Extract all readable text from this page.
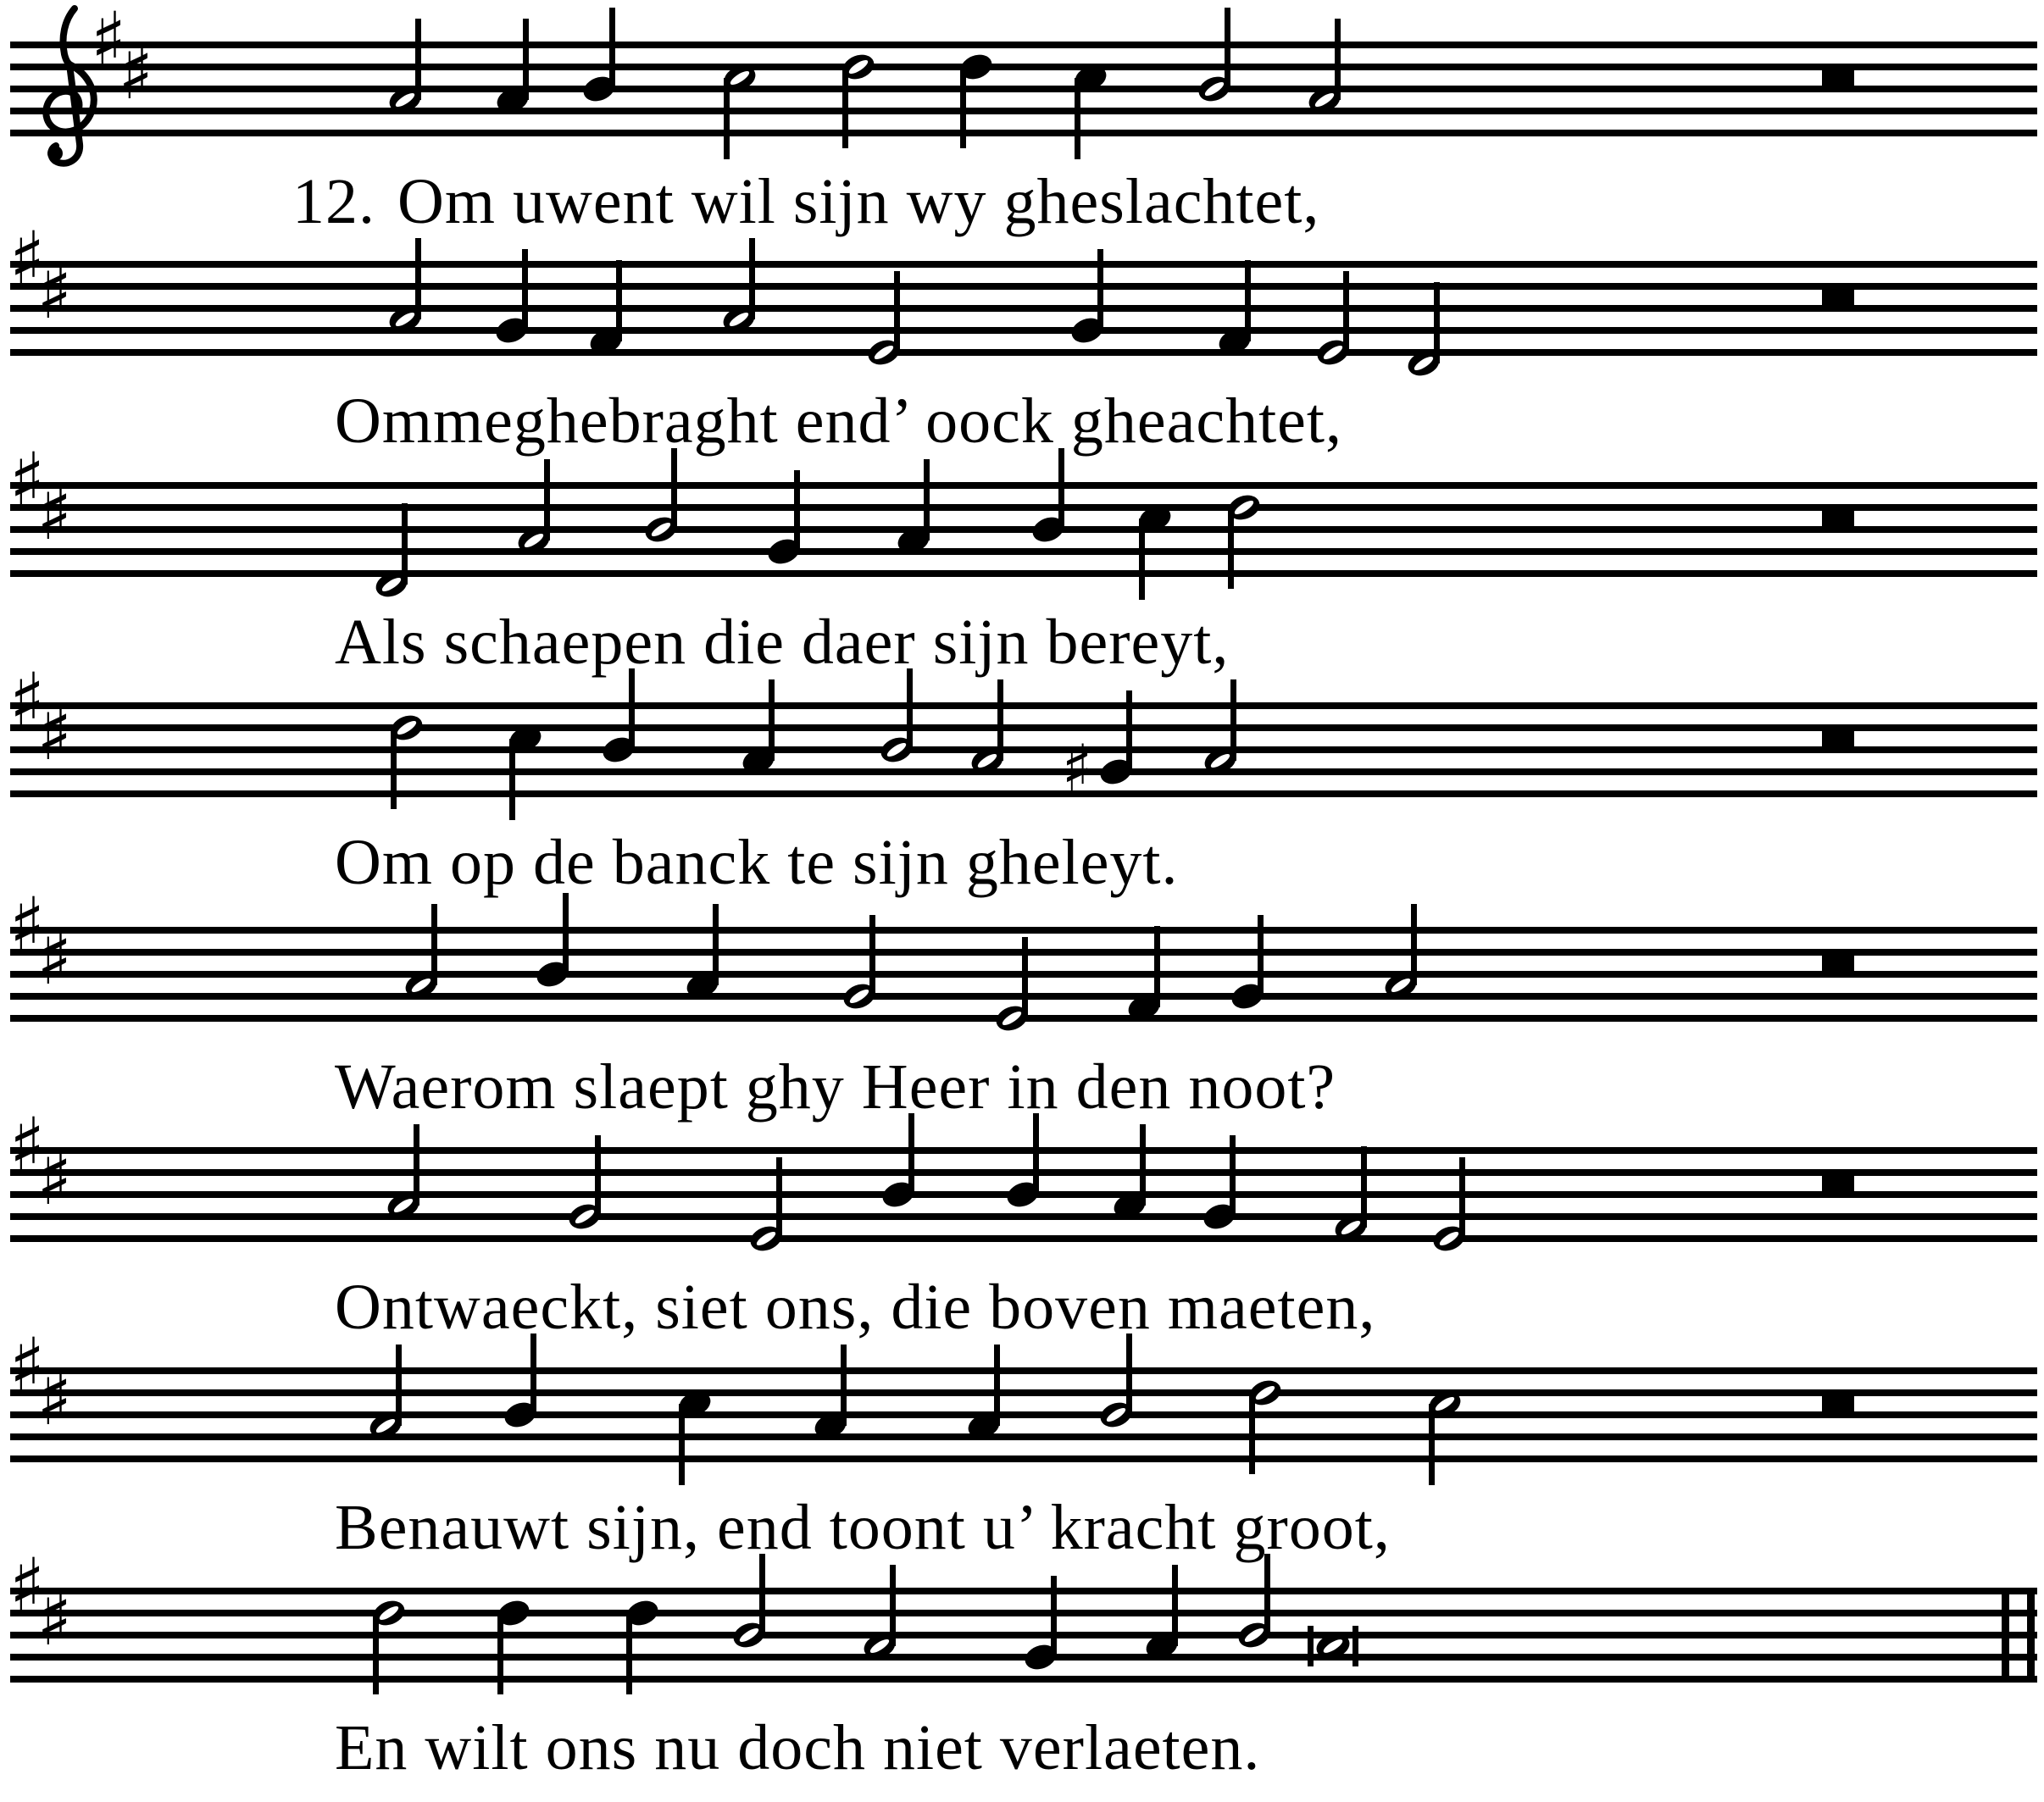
♯
♯
♯
♯
♯
♯
♯
♯	♯
♯
♯
♯
♯
♯
♯
♯
♯
12. Om uwent wil sijn wy gheslachtet,
Ommeghebraght end’ oock gheachtet,
Als schaepen die daer sijn bereyt,
Om op de banck te sijn gheleyt.
Waerom slaept ghy Heer in den noot?
Ontwaeckt, siet ons, die boven maeten,
Benauwt sijn, end toont u’ kracht groot,
En wilt ons nu doch niet verlaeten.
